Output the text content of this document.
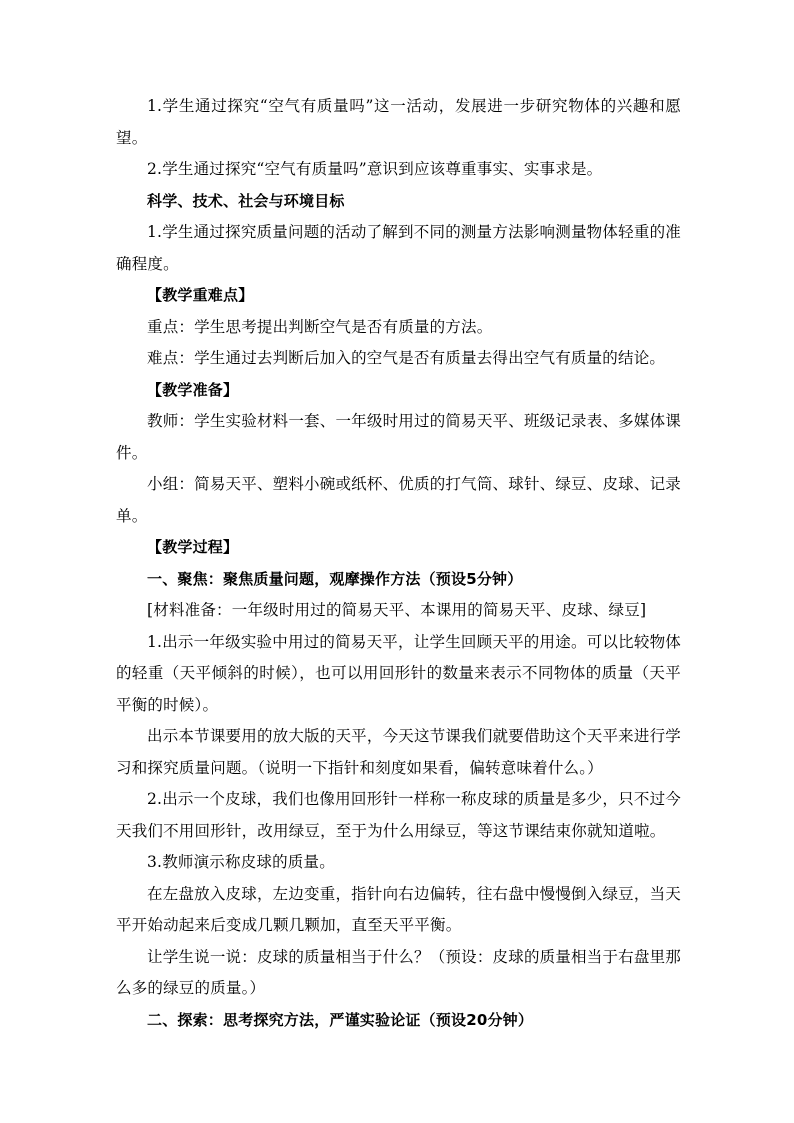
1.学生通过探究“空气有质量吗”这一活动，发展进一步研究物体的兴趣和愿望。

2.学生通过探究“空气有质量吗”意识到应该尊重事实、实事求是。

科学、技术、社会与环境目标

1.学生通过探究质量问题的活动了解到不同的测量方法影响测量物体轻重的准确程度。

【教学重难点】

重点：学生思考提出判断空气是否有质量的方法。

难点：学生通过去判断后加入的空气是否有质量去得出空气有质量的结论。

【教学准备】

教师：学生实验材料一套、一年级时用过的简易天平、班级记录表、多媒体课件。

小组：简易天平、塑料小碗或纸杯、优质的打气筒、球针、绿豆、皮球、记录单。

【教学过程】

一、聚焦：聚焦质量问题，观摩操作方法（预设5分钟）

[材料准备：一年级时用过的简易天平、本课用的简易天平、皮球、绿豆]

1.出示一年级实验中用过的简易天平，让学生回顾天平的用途。可以比较物体的轻重（天平倾斜的时候），也可以用回形针的数量来表示不同物体的质量（天平平衡的时候）。

出示本节课要用的放大版的天平，今天这节课我们就要借助这个天平来进行学习和探究质量问题。（说明一下指针和刻度如果看，偏转意味着什么。）

2.出示一个皮球，我们也像用回形针一样称一称皮球的质量是多少，只不过今天我们不用回形针，改用绿豆，至于为什么用绿豆，等这节课结束你就知道啦。

3.教师演示称皮球的质量。

在左盘放入皮球，左边变重，指针向右边偏转，往右盘中慢慢倒入绿豆，当天平开始动起来后变成几颗几颗加，直至天平平衡。

让学生说一说：皮球的质量相当于什么？（预设：皮球的质量相当于右盘里那么多的绿豆的质量。）

二、探索：思考探究方法，严谨实验论证（预设20分钟）
